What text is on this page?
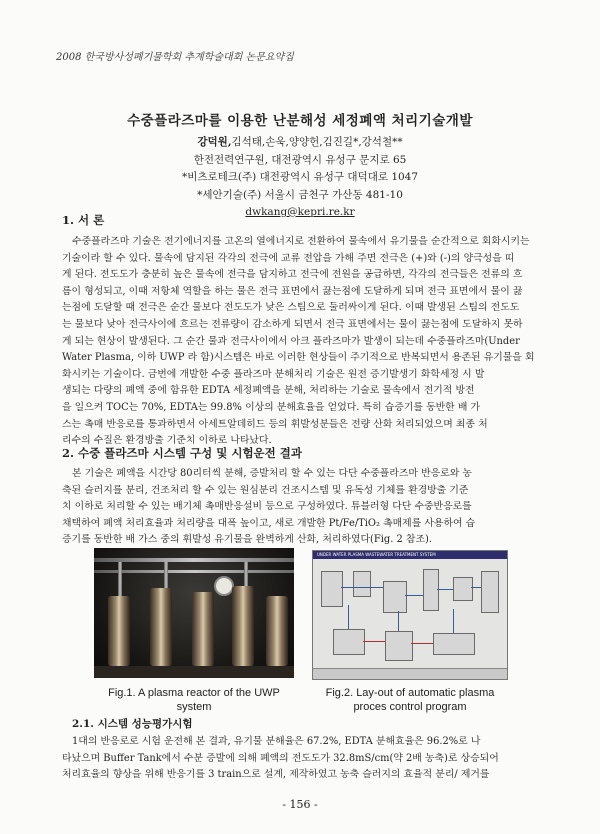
2008 한국방사성폐기물학회 추계학술대회 논문요약집
수중플라즈마를 이용한 난분해성 세정폐액 처리기술개발
강덕원,김석태,손욱,양양헌,김진길*,강석철**
한전전력연구원, 대전광역시 유성구 문지로 65
*비츠로테크(주) 대전광역시 유성구 대덕대로 1047
*세안기술(주) 서울시 금천구 가산동 481-10
dwkang@kepri.re.kr
1. 서 론
수중플라즈마 기술은 전기에너지를 고온의 열에너지로 전환하여 물속에서 유기물을 순간적으로 회화시키는
기술이라 할 수 있다. 물속에 담지된 각각의 전극에 교류 전압을 가해 주면 전극은 (+)와 (-)의 양극성을 띠
게 된다. 전도도가 충분히 높은 물속에 전극을 담지하고 전극에 전원을 공급하면, 각각의 전극들은 전류의 흐
름이 형성되고, 이때 저항체 역할을 하는 물은 전극 표면에서 끓는점에 도달하게 되며 전극 표면에서 물이 끓
는점에 도달할 때 전극은 순간 물보다 전도도가 낮은 스팀으로 둘러싸이게 된다. 이때 발생된 스팀의 전도도
는 물보다 낮아 전극사이에 흐르는 전류량이 감소하게 되면서 전극 표면에서는 물이 끓는점에 도달하지 못하
게 되는 현상이 발생된다. 그 순간 물과 전극사이에서 아크 플라즈마가 발생이 되는데 수중플라즈마(Under
Water Plasma, 이하 UWP 라 함)시스템은 바로 이러한 현상들이 주기적으로 반복되면서 용존된 유기물을 회
화시키는 기술이다. 금번에 개발한 수중 플라즈마 분해처리 기술은 원전 증기발생기 화학세정 시 발
생되는 다량의 폐액 중에 함유한 EDTA 세정폐액을 분해, 처리하는 기술로 물속에서 전기적 방전
을 일으켜 TOC는 70%, EDTA는 99.8% 이상의 분해효율을 얻었다. 특히 습증기를 동반한 배 가
스는 촉매 반응로를 통과하면서 아세트알데히드 등의 휘발성분들은 전량 산화 처리되었으며 최종 처
리수의 수질은 환경방출 기준치 이하로 나타났다.
2. 수중 플라즈마 시스템 구성 및 시험운전 결과
본 기술은 폐액을 시간당 80리터씩 분해, 증발처리 할 수 있는 다단 수중플라즈마 반응로와 농
축된 슬러지를 분리, 건조처리 할 수 있는 원심분리 건조시스템 및 유독성 기체를 환경방출 기준
치 이하로 처리할 수 있는 배기체 촉매반응설비 등으로 구성하였다. 튜블러형 다단 수중반응로를
채택하여 폐액 처리효율과 처리량을 대폭 높이고, 새로 개발한 Pt/Fe/TiO₂ 촉매제를 사용하여 습
증기를 동반한 배 가스 중의 휘발성 유기물을 완벽하게 산화, 처리하였다(Fig. 2 참조).
Fig.1. A plasma reactor of the UWP
system
UNDER WATER PLASMA WASTEWATER TREATMENT SYSTEM
Fig.2. Lay-out of automatic plasma
proces control program
2.1. 시스템 성능평가시험
1대의 반응로로 시험 운전해 본 결과, 유기물 분해율은 67.2%, EDTA 분해효율은 96.2%로 나
타났으며 Buffer Tank에서 수분 증발에 의해 폐액의 전도도가 32.8mS/cm(약 2배 농축)로 상승되어
처리효율의 향상을 위해 반응기를 3 train으로 설계, 제작하였고 농축 슬러지의 효율적 분리/ 제거를
- 156 -
